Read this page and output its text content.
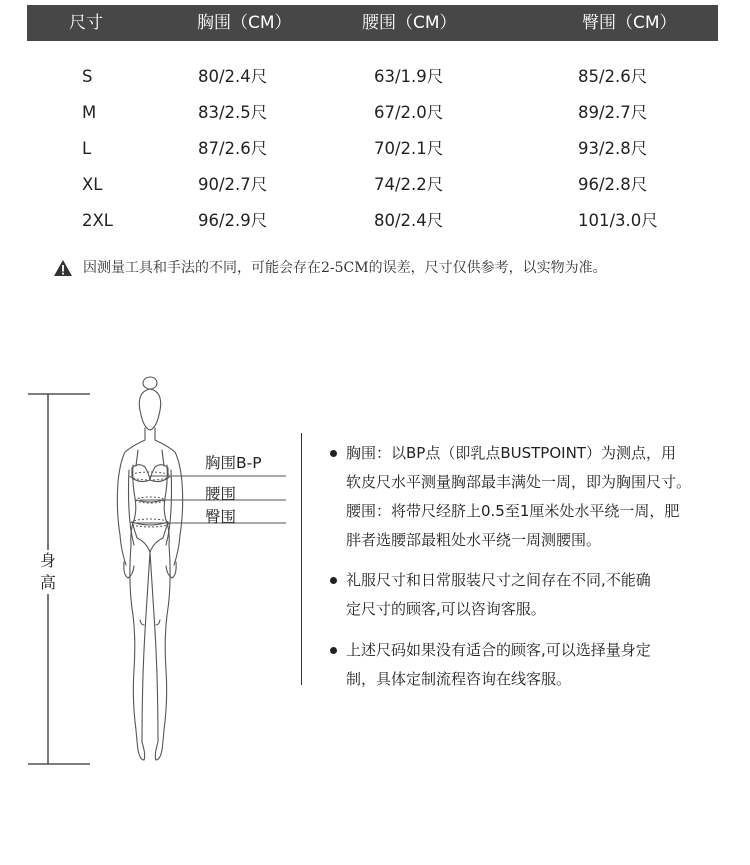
尺寸	胸围（CM）	腰围（CM）	臀围（CM）
S	80/2.4尺	63/1.9尺	85/2.6尺
M	83/2.5尺	67/2.0尺	89/2.7尺
L	87/2.6尺	70/2.1尺	93/2.8尺
XL	90/2.7尺	74/2.2尺	96/2.8尺
2XL	96/2.9尺	80/2.4尺	101/3.0尺
因测量工具和手法的不同，可能会存在2-5CM的误差，尺寸仅供参考，以实物为准。
身高
胸围B-P
腰围
臀围
胸围：以BP点（即乳点BUSTPOINT）为测点，用
软皮尺水平测量胸部最丰满处一周，即为胸围尺寸。
腰围：将带尺经脐上0.5至1厘米处水平绕一周，肥
胖者选腰部最粗处水平绕一周测腰围。
礼服尺寸和日常服装尺寸之间存在不同,不能确
定尺寸的顾客,可以咨询客服。
上述尺码如果没有适合的顾客,可以选择量身定
制，具体定制流程咨询在线客服。
